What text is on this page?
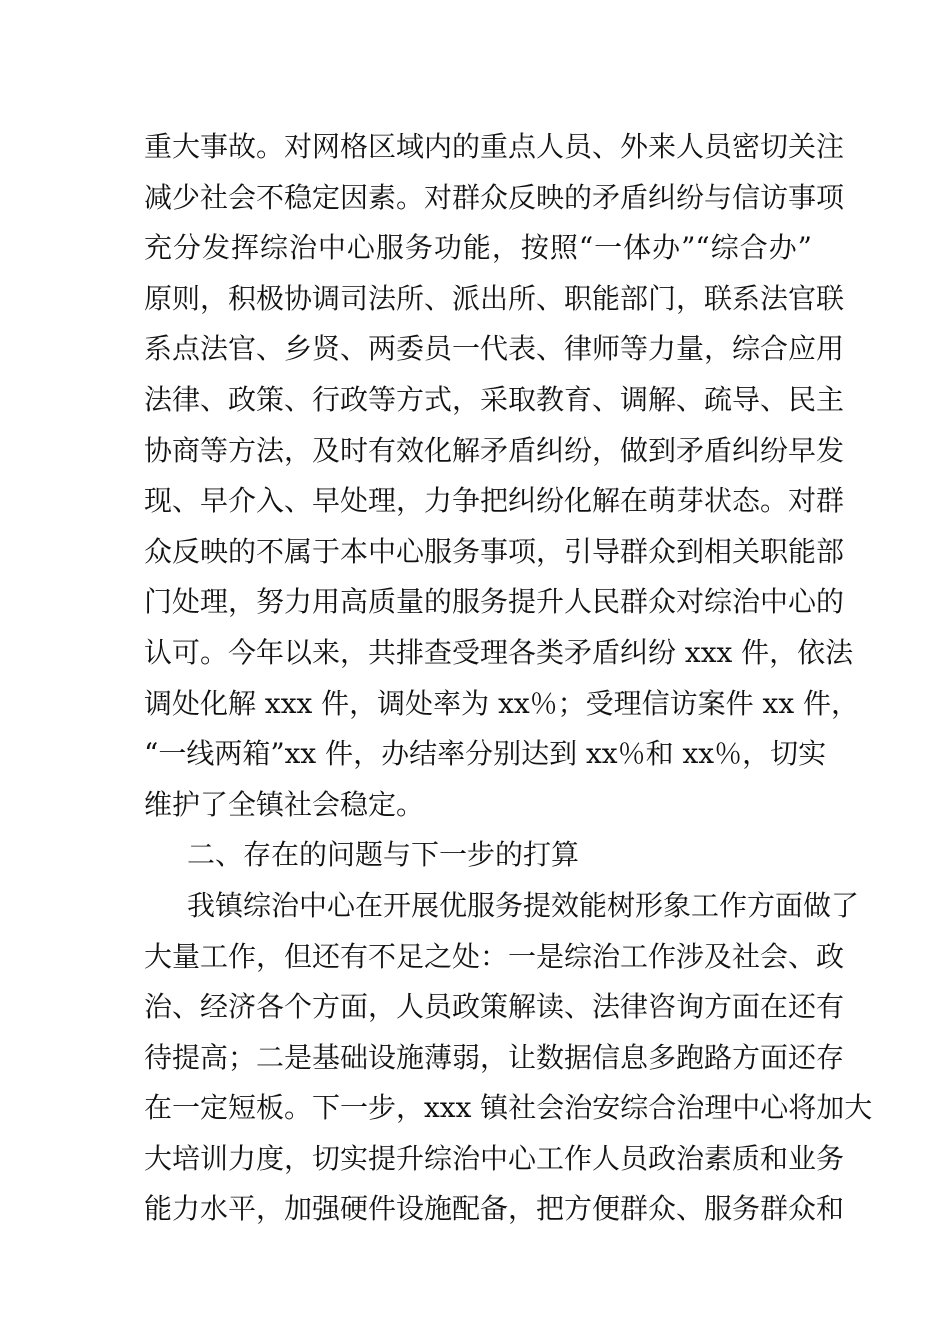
重大事故。对网格区域内的重点人员、外来人员密切关注
减少社会不稳定因素。对群众反映的矛盾纠纷与信访事项
充分发挥综治中心服务功能，按照“一体办”“综合办”
原则，积极协调司法所、派出所、职能部门，联系法官联
系点法官、乡贤、两委员一代表、律师等力量，综合应用
法律、政策、行政等方式，采取教育、调解、疏导、民主
协商等方法，及时有效化解矛盾纠纷，做到矛盾纠纷早发
现、早介入、早处理，力争把纠纷化解在萌芽状态。对群
众反映的不属于本中心服务事项，引导群众到相关职能部
门处理，努力用高质量的服务提升人民群众对综治中心的
认可。今年以来，共排查受理各类矛盾纠纷 xxx 件，依法
调处化解 xxx 件，调处率为 xx％；受理信访案件 xx 件，
“一线两箱”xx 件，办结率分别达到 xx％和 xx％，切实
维护了全镇社会稳定。
二、存在的问题与下一步的打算
我镇综治中心在开展优服务提效能树形象工作方面做了
大量工作，但还有不足之处：一是综治工作涉及社会、政
治、经济各个方面，人员政策解读、法律咨询方面在还有
待提高；二是基础设施薄弱，让数据信息多跑路方面还存
在一定短板。下一步，xxx 镇社会治安综合治理中心将加大
大培训力度，切实提升综治中心工作人员政治素质和业务
能力水平，加强硬件设施配备，把方便群众、服务群众和
